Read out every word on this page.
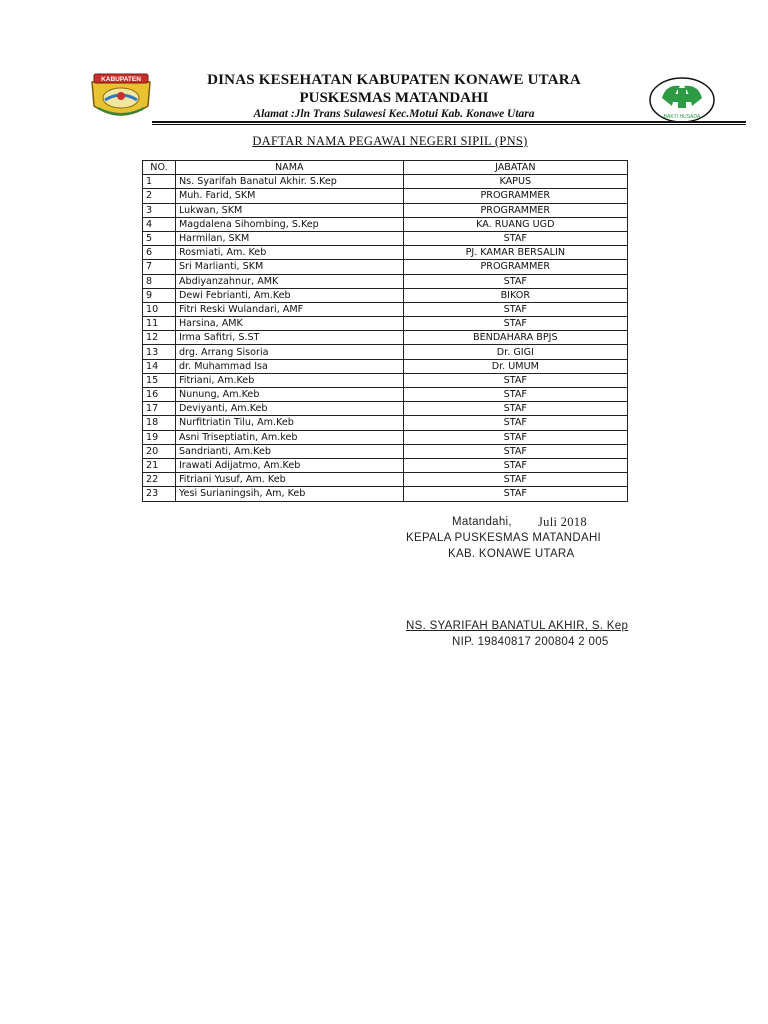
KABUPATEN	DINAS KESEHATAN KABUPATEN KONAWE UTARA
PUSKESMAS MATANDAHI
Alamat :Jln Trans Sulawesi Kec.Motui Kab. Konawe Utara	BAKTI HUSADA
DAFTAR NAMA PEGAWAI NEGERI SIPIL (PNS)
NO.	NAMA	JABATAN
1	Ns. Syarifah Banatul Akhir. S.Kep	KAPUS
2	Muh. Farid, SKM	PROGRAMMER
3	Lukwan, SKM	PROGRAMMER
4	Magdalena Sihombing, S.Kep	KA. RUANG UGD
5	Harmilan, SKM	STAF
6	Rosmiati, Am. Keb	PJ. KAMAR BERSALIN
7	Sri Marlianti, SKM	PROGRAMMER
8	Abdiyanzahnur, AMK	STAF
9	Dewi Febrianti, Am.Keb	BIKOR
10	Fitri Reski Wulandari, AMF	STAF
11	Harsina, AMK	STAF
12	Irma Safitri, S.ST	BENDAHARA BPJS
13	drg. Arrang Sisoria	Dr. GIGI
14	dr. Muhammad Isa	Dr. UMUM
15	Fitriani, Am.Keb	STAF
16	Nunung, Am.Keb	STAF
17	Deviyanti, Am.Keb	STAF
18	Nurfitriatin Tilu, Am.Keb	STAF
19	Asni Triseptiatin, Am.keb	STAF
20	Sandrianti, Am.Keb	STAF
21	Irawati Adijatmo, Am.Keb	STAF
22	Fitriani Yusuf, Am. Keb	STAF
23	Yesi Surianingsih, Am, Keb	STAF
Matandahi, Juli 2018
KEPALA PUSKESMAS MATANDAHI
KAB. KONAWE UTARA
NS. SYARIFAH BANATUL AKHIR, S. Kep
NIP. 19840817 200804 2 005
